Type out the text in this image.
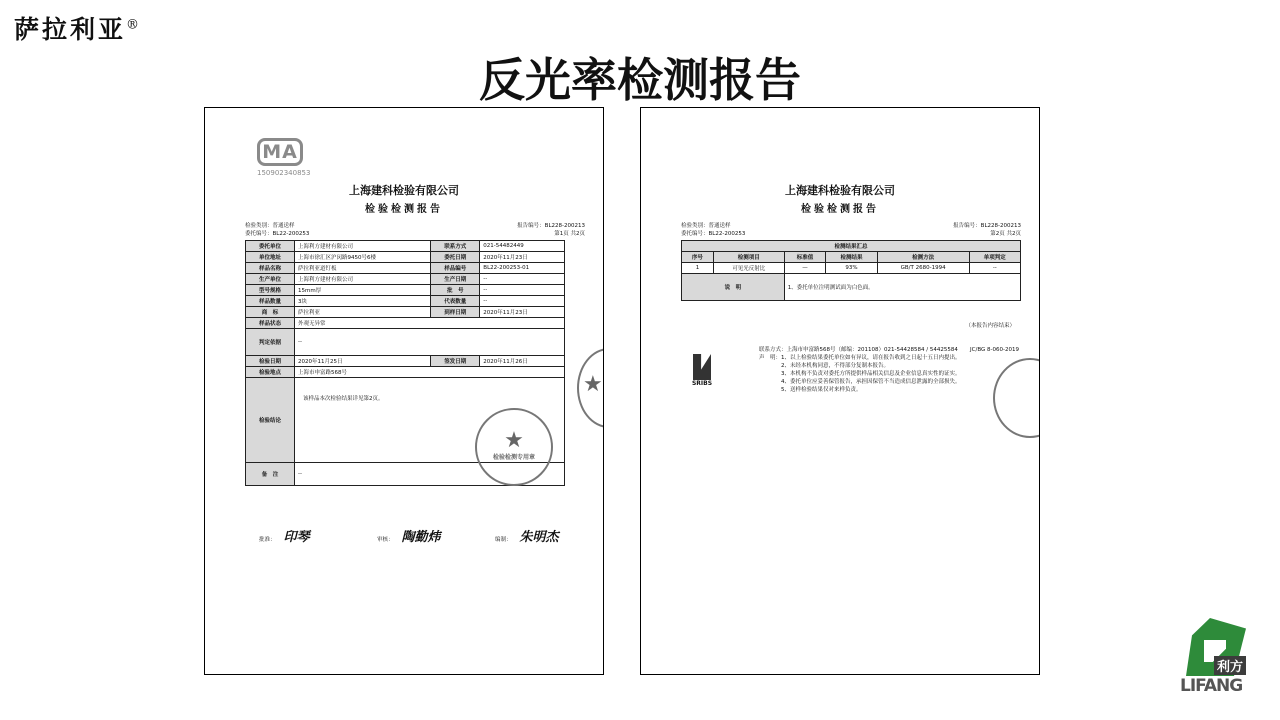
萨拉利亚®
反光率检测报告
MA
150902340853
上海建科检验有限公司
检验检测报告
检验类别：普通送样
委托编号：BL22-200253
报告编号：BL228-200213
第1页 共2页
委托单位	上海利方建材有限公司	联系方式	021-54482449
单位地址	上海市徐汇区沪闵路9450号6楼	委托日期	2020年11月23日
样品名称	萨拉利亚道钉板	样品编号	BL22-200253-01
生产单位	上海利方建材有限公司	生产日期	--
型号规格	15mm厚	批　号	--
样品数量	3块	代表数量	--
商　标	萨拉利亚	到样日期	2020年11月23日
样品状态	外观无异常		
判定依据	--		
检验日期	2020年11月25日	签发日期	2020年11月26日
检验地点	上海市申富路568号		
检验结论	该样品本次检验结果详见第2页。		
备　注	--		
★
检验检测专用章
★
批准： 印琴	审核： 陶勤炜	编制： 朱明杰
上海建科检验有限公司
检验检测报告
检验类别：普通送样
委托编号：BL22-200253
报告编号：BL228-200213
第2页 共2页
检测结果汇总					
序号	检测项目	标准值	检测结果	检测方法	单项判定
1	可见光反射比	—	93%	GB/T 2680-1994	--
说　明		1、委托单位注明测试面为白色面。			
（本报告内容结束）
联系方式：上海市申富路568号（邮编：201108）021-54428584 / 54425584 JC/BG 8-060-2019
声　明：1、以上检验结果委托单位如有异议，请在报告收到之日起十五日内提出。
2、未经本机构同意，不得部分复制本报告。
3、本机构不负责对委托方所提供样品相关信息及企业信息真实性的证实。
4、委托单位应妥善保管报告，承担因保管不当造成信息泄露的全部损失。
5、送样检验结果仅对来样负责。
SRIBS
利方
LIFANG
